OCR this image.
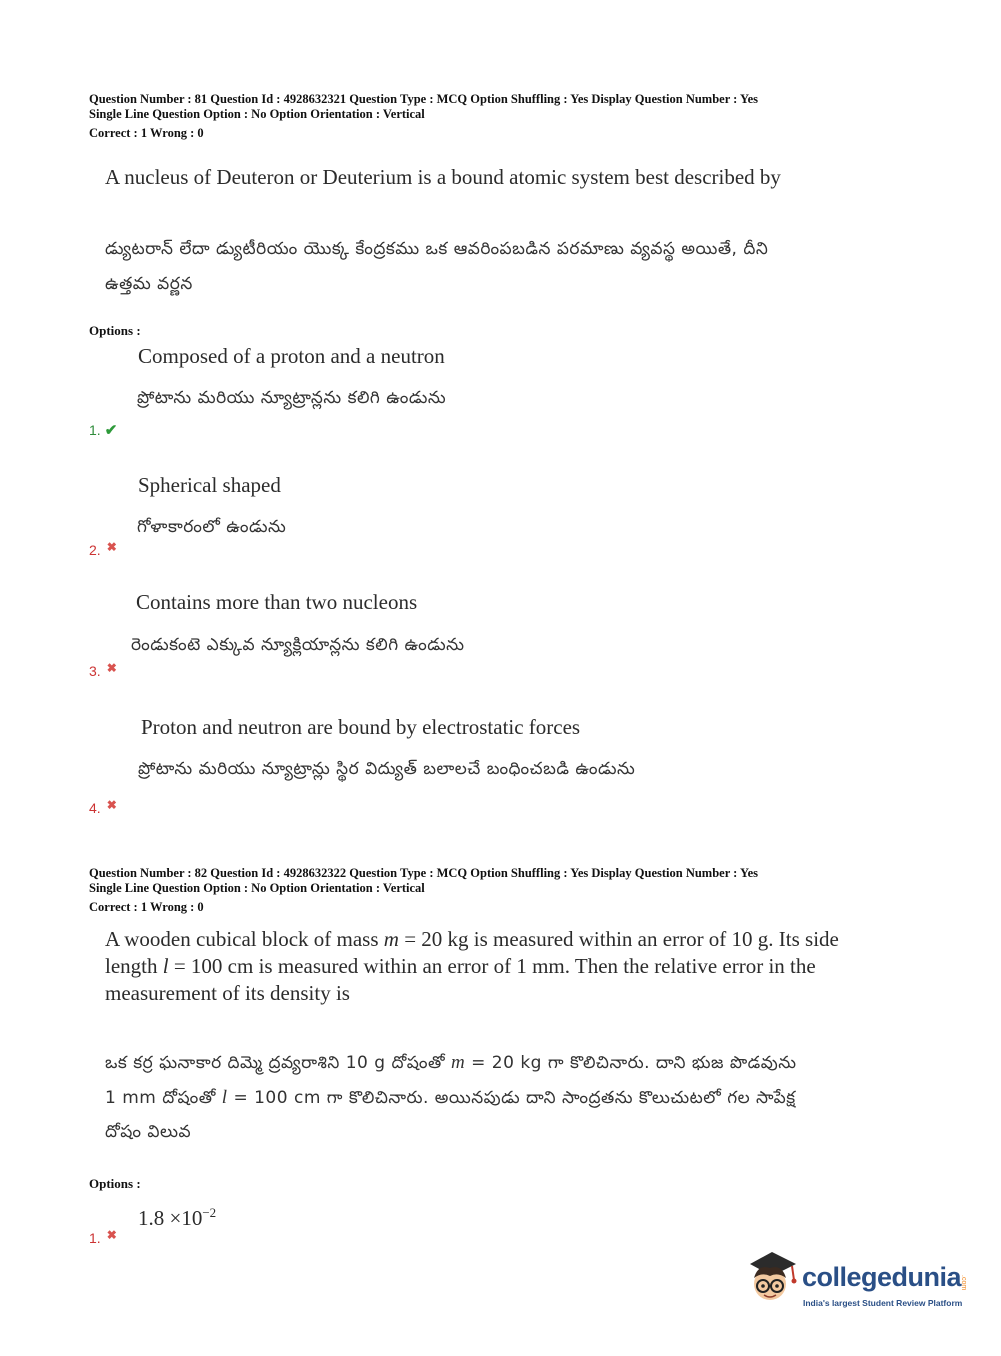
Question Number : 81 Question Id : 4928632321 Question Type : MCQ Option Shuffling : Yes Display Question Number : Yes
Single Line Question Option : No Option Orientation : Vertical
Correct : 1 Wrong : 0
A nucleus of Deuteron or Deuterium is a bound atomic system best described by
డ్యుటరాన్ లేదా డ్యుటీరియం యొక్క కేంద్రకము ఒక ఆవరింపబడిన పరమాణు వ్యవస్థ అయితే, దీని
ఉత్తమ వర్ణన
Options :
Composed of a proton and a neutron
ప్రోటాను మరియు న్యూట్రాన్లను కలిగి ఉండును
1. ✔
Spherical shaped
గోళాకారంలో ఉండును
2. ✖
Contains more than two nucleons
రెండుకంటె ఎక్కువ న్యూక్లియాన్లను కలిగి ఉండును
3. ✖
Proton and neutron are bound by electrostatic forces
ప్రోటాను మరియు న్యూట్రాన్లు స్థిర విద్యుత్ బలాలచే బంధించబడి ఉండును
4. ✖
Question Number : 82 Question Id : 4928632322 Question Type : MCQ Option Shuffling : Yes Display Question Number : Yes
Single Line Question Option : No Option Orientation : Vertical
Correct : 1 Wrong : 0
A wooden cubical block of mass m = 20 kg is measured within an error of 10 g. Its side
length l = 100 cm is measured within an error of 1 mm. Then the relative error in the
measurement of its density is
ఒక కర్ర ఘనాకార దిమ్మె ద్రవ్యరాశిని 10 g దోషంతో m = 20 kg గా కొలిచినారు. దాని భుజ పొడవును
1 mm దోషంతో l = 100 cm గా కొలిచినారు. అయినపుడు దాని సాంద్రతను కొలుచుటలో గల సాపేక్ష
దోషం విలువ
Options :
$1.8 \times 10^{-2}$
1. ✖
collegedunia
.com
India's largest Student Review Platform
